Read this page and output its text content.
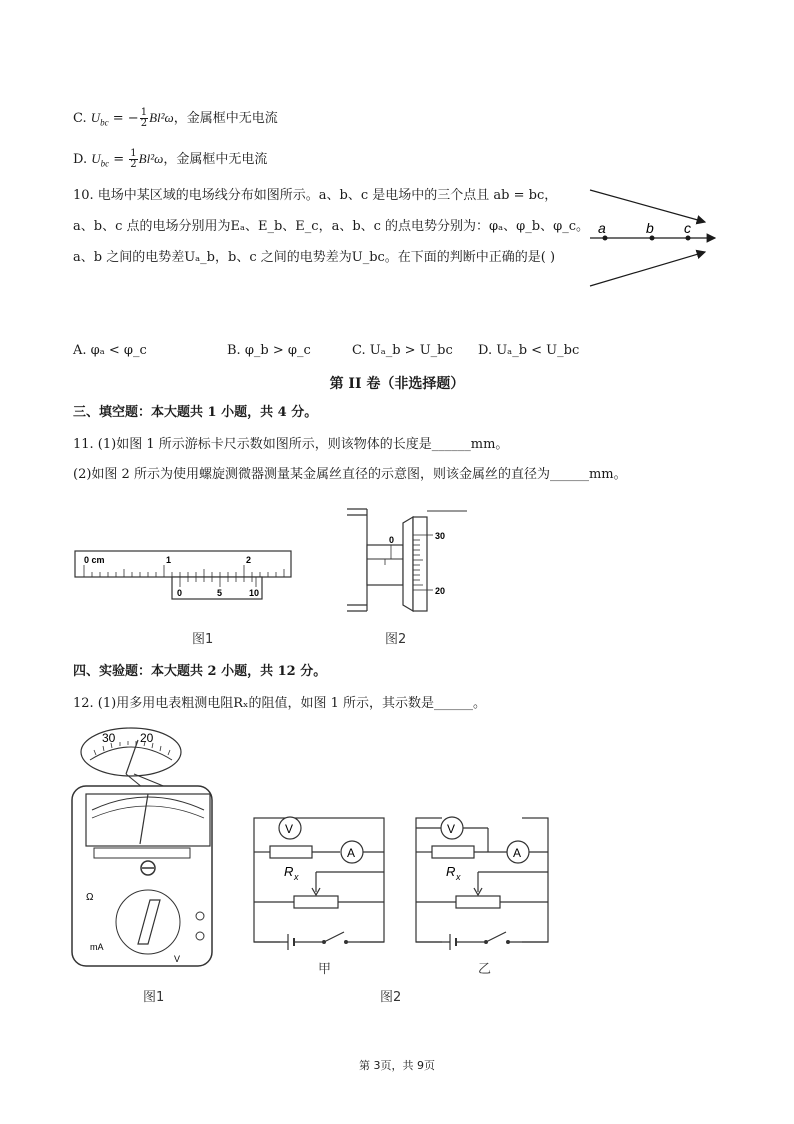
C. $U_{bc}$ = − $\frac{1}{2} Bl^2\omega$，金属框中无电流
D. $U_{bc} = \frac{1}{2} Bl^2\omega$，金属框中无电流
10. 电场中某区域的电场线分布如图所示。a、b、c 是电场中的三个点且 ab = bc，
a、b、c 点的电场分别用为Eₐ、E_b、E_c，a、b、c 的点电势分别为：φₐ、φ_b、φ_c。
a、b 之间的电势差Uₐ_b，b、c 之间的电势差为U_bc。在下面的判断中正确的是( )
a	b c
A. φₐ < φ_c	B. φ_b > φ_c	C. Uₐ_b > U_bc D. Uₐ_b < U_bc
第 II 卷（非选择题）
三、填空题：本大题共 1 小题，共 4 分。
11. (1)如图 1 所示游标卡尺示数如图所示，则该物体的长度是______mm。
(2)如图 2 所示为使用螺旋测微器测量某金属丝直径的示意图，则该金属丝的直径为______mm。
0 cm	1	2
0	5	10
0	30
20
图1	图2
四、实验题：本大题共 2 小题，共 12 分。
12. (1)用多用电表粗测电阻Rₓ的阻值，如图 1 所示，其示数是______。
30 20
Ω
mA
V
图1
A
V
R x
A
V
R x
甲	乙
图2
第 3页，共 9页
